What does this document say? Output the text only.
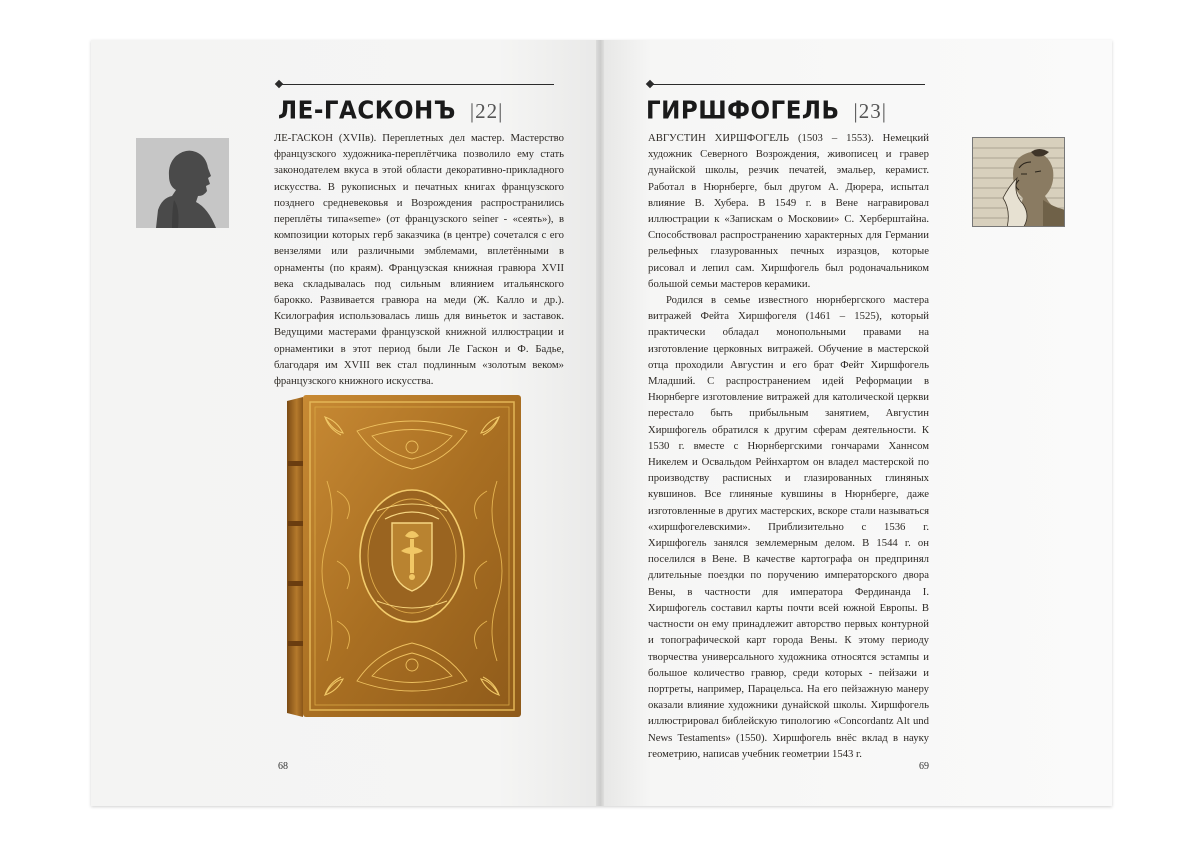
ЛЕ-ГАСКОНЪ |22|

ЛЕ-ГАСКОН (XVIIв). Переплетных дел мастер. Мастерство французского художника-переплётчика позволило ему стать законодателем вкуса в этой области декоративно-прикладного искусства. В рукописных и печатных книгах французского позднего средневековья и Возрождения распространились переплёты типа«seme» (от французского seiner - «сеять»), в композиции которых герб заказчика (в центре) сочетался с его вензелями или различными эмблемами, вплетёнными в орнаменты (по краям). Французская книжная гравюра XVII века складывалась под сильным влиянием итальянского барокко. Развивается гравюра на меди (Ж. Калло и др.). Ксилография использовалась лишь для виньеток и заставок. Ведущими мастерами французской книжной иллюстрации и орнаментики в этот период были Ле Гаскон и Ф. Бадье, благодаря им XVIII век стал подлинным «золотым веком» французского книжного искусства.

68
ГИРШФОГЕЛЬ |23|

АВГУСТИН ХИРШФОГЕЛЬ (1503 – 1553). Немецкий художник Северного Возрождения, живописец и гравер дунайской школы, резчик печатей, эмальер, керамист. Работал в Нюрнберге, был другом А. Дюрера, испытал влияние В. Хубера. В 1549 г. в Вене награвировал иллюстрации к «Запискам о Московии» С. Херберштайна. Способствовал распространению характерных для Германии рельефных глазурованных печных изразцов, которые рисовал и лепил сам. Хиршфогель был родоначальником большой семьи мастеров керамики.

Родился в семье известного нюрнбергского мастера витражей Фейта Хиршфогеля (1461 – 1525), который практически обладал монопольными правами на изготовление церковных витражей. Обучение в мастерской отца проходили Августин и его брат Фейт Хиршфогель Младший. С распространением идей Реформации в Нюрнберге изготовление витражей для католической церкви перестало быть прибыльным занятием, Августин Хиршфогель обратился к другим сферам деятельности. К 1530 г. вместе с Нюрнбергскими гончарами Ханнсом Никелем и Освальдом Рейнхартом он владел мастерской по производству расписных и глазированных глиняных кувшинов. Все глиняные кувшины в Нюрнберге, даже изготовленные в других мастерских, вскоре стали называться «хиршфогелевскими». Приблизительно с 1536 г. Хиршфогель занялся землемерным делом. В 1544 г. он поселился в Вене. В качестве картографа он предпринял длительные поездки по поручению императорского двора Вены, в частности для императора Фердинанда I. Хиршфогель составил карты почти всей южной Европы. В частности он ему принадлежит авторство первых контурной и топографической карт города Вены. К этому периоду творчества универсального художника относятся эстампы и большое количество гравюр, среди которых - пейзажи и портреты, например, Парацельса. На его пейзажную манеру оказали влияние художники дунайской школы. Хиршфогель иллюстрировал библейскую типологию «Concordantz Alt und News Testaments» (1550). Хиршфогель внёс вклад в науку геометрию, написав учебник геометрии 1543 г.

69
